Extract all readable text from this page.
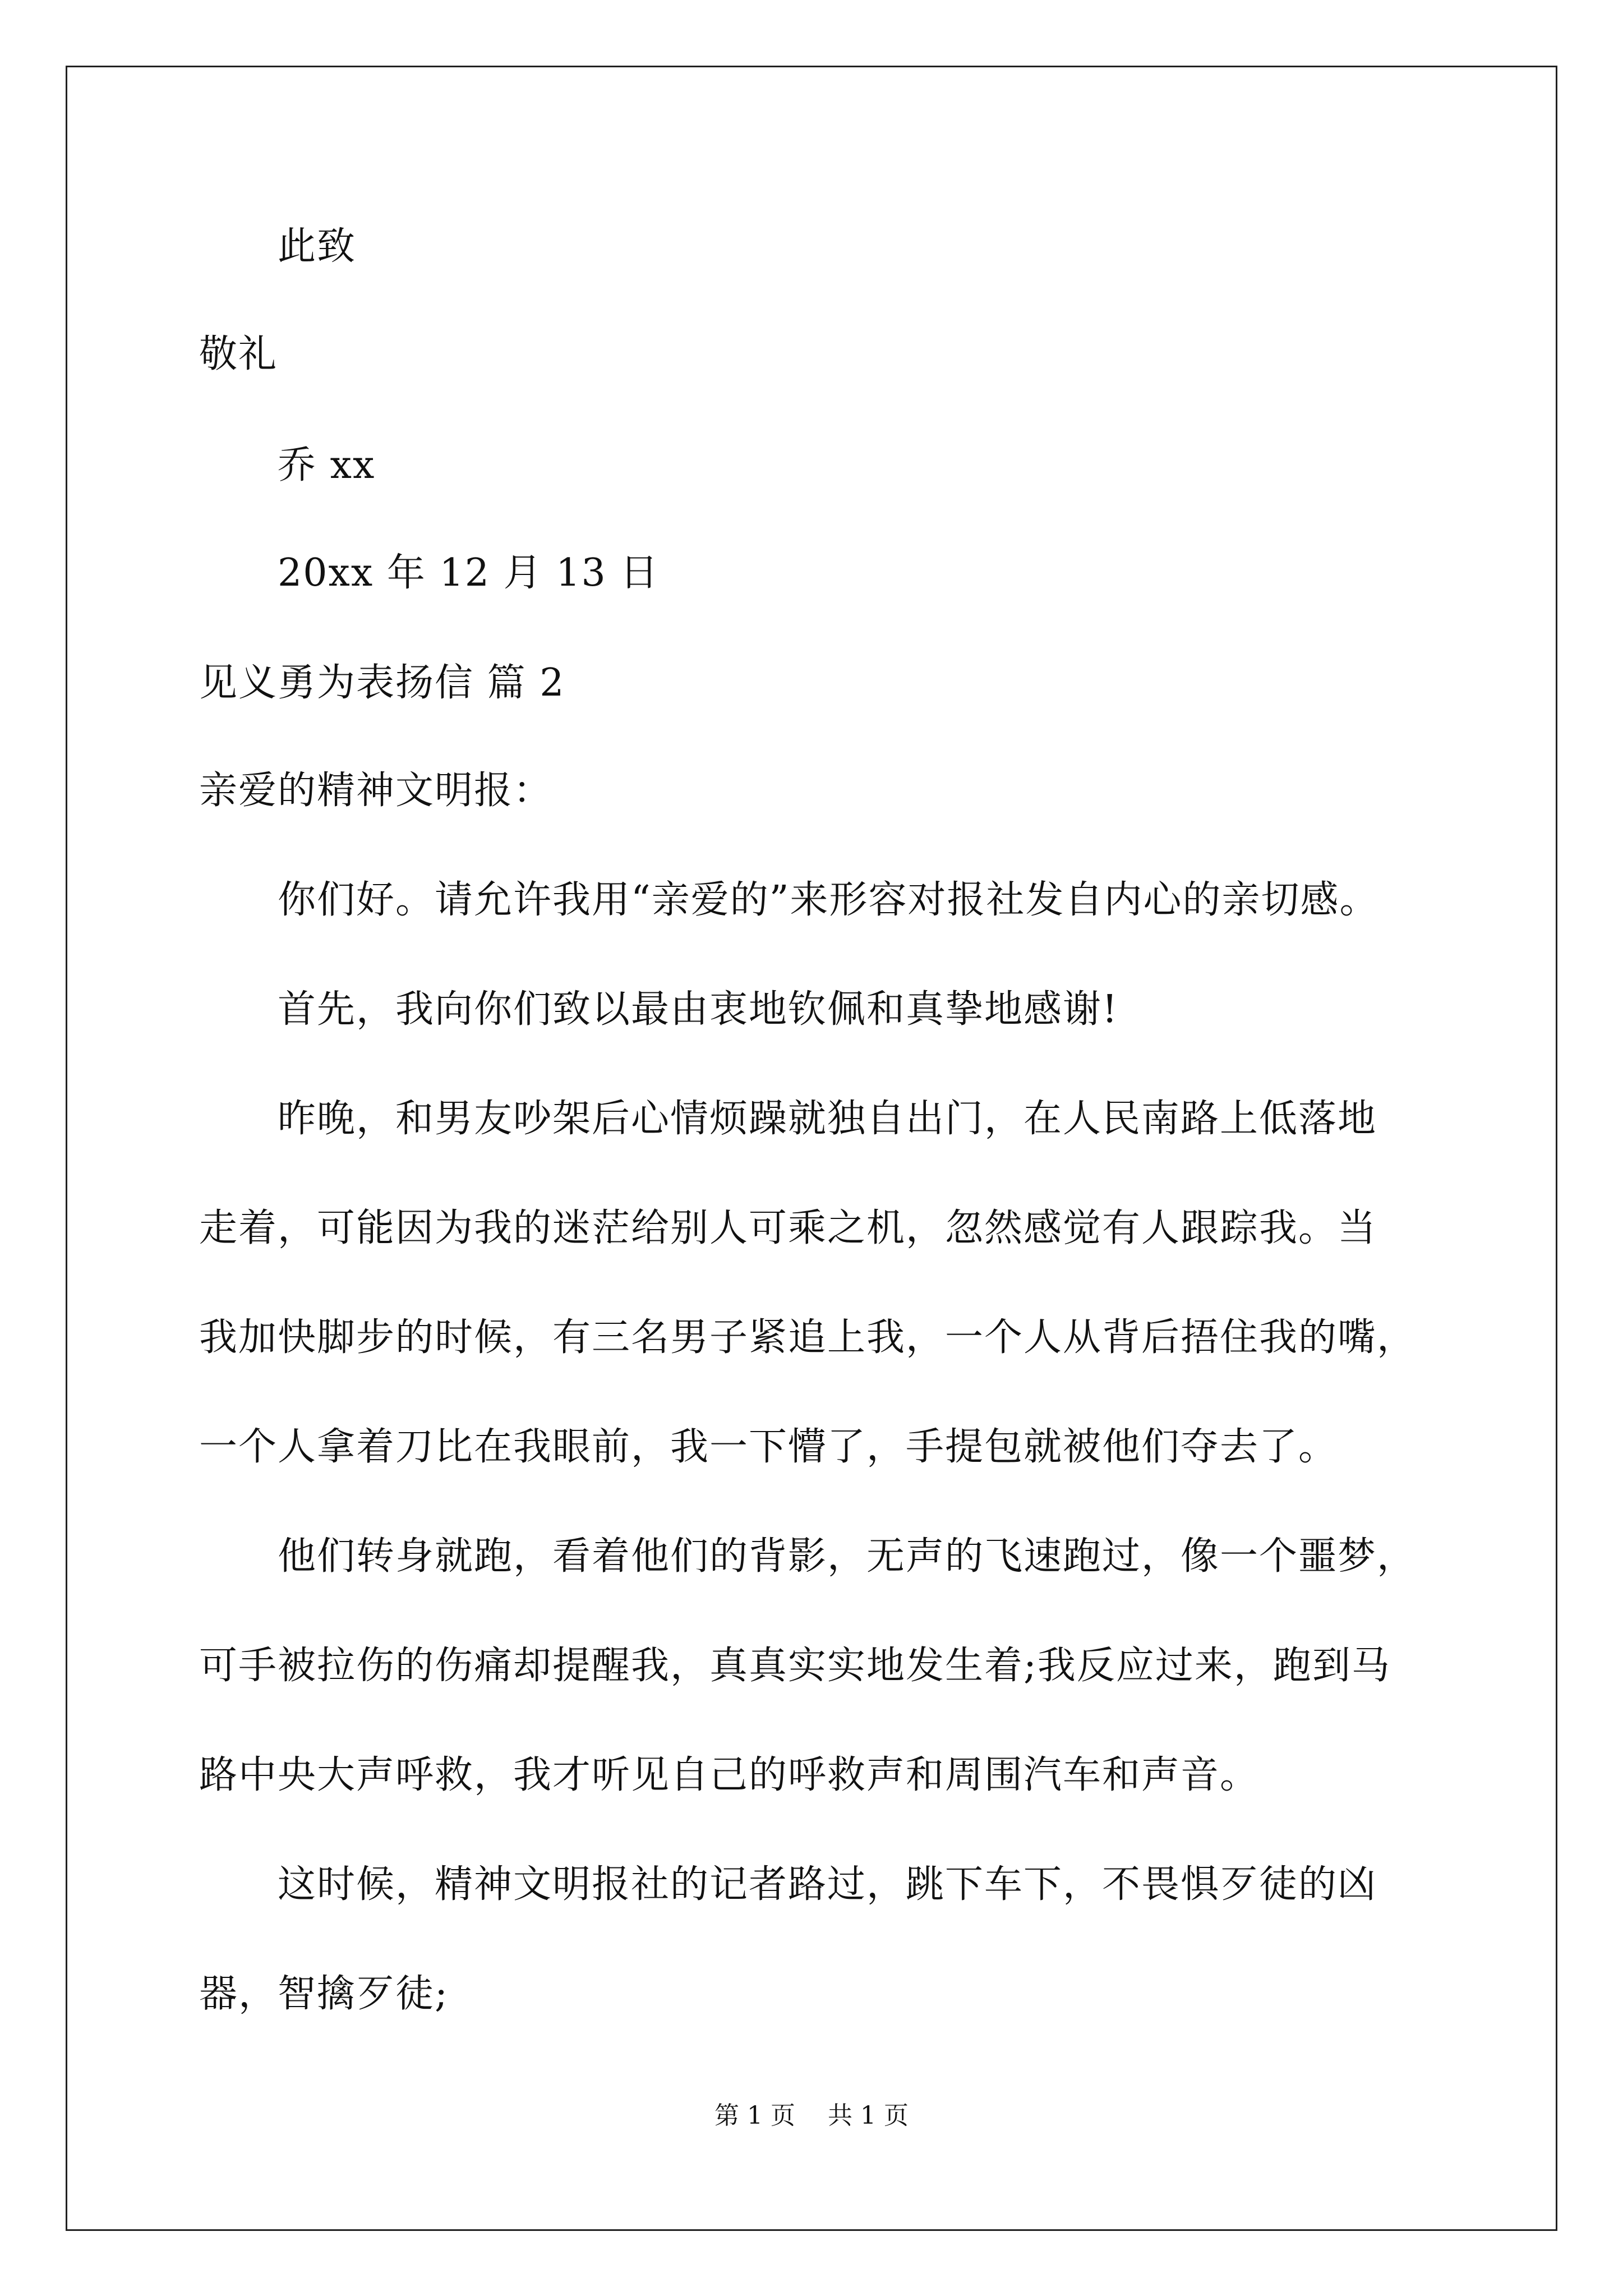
此致
敬礼
乔 xx
20xx 年 12 月 13 日
见义勇为表扬信 篇 2
亲爱的精神文明报：
你们好。请允许我用“亲爱的”来形容对报社发自内心的亲切感。
首先，我向你们致以最由衷地钦佩和真挚地感谢!
昨晚，和男友吵架后心情烦躁就独自出门，在人民南路上低落地
走着，可能因为我的迷茫给别人可乘之机，忽然感觉有人跟踪我。当
我加快脚步的时候，有三名男子紧追上我，一个人从背后捂住我的嘴，
一个人拿着刀比在我眼前，我一下懵了，手提包就被他们夺去了。
他们转身就跑，看着他们的背影，无声的飞速跑过，像一个噩梦，
可手被拉伤的伤痛却提醒我，真真实实地发生着;我反应过来，跑到马
路中央大声呼救，我才听见自己的呼救声和周围汽车和声音。
这时候，精神文明报社的记者路过，跳下车下，不畏惧歹徒的凶
器，智擒歹徒;
第 1 页 共 1 页
